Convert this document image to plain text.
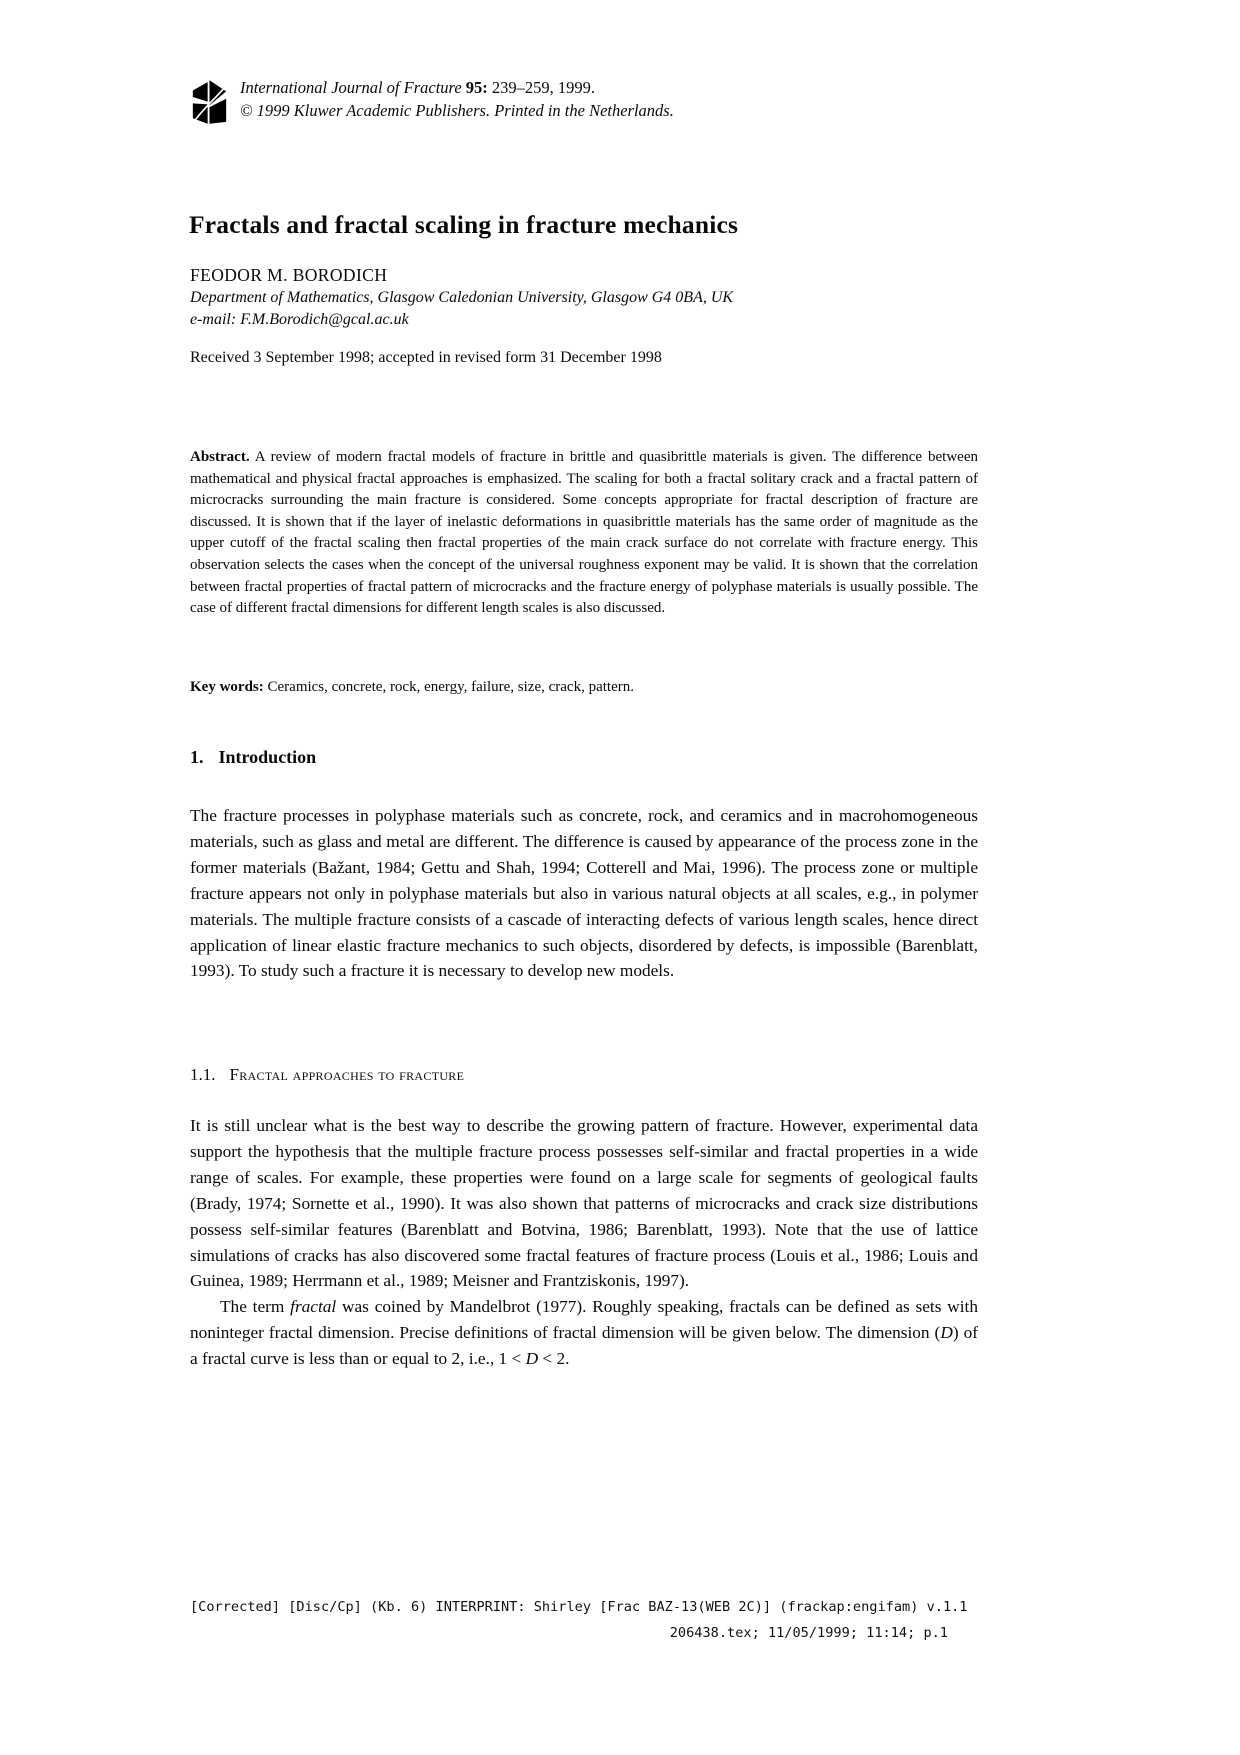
International Journal of Fracture 95: 239–259, 1999.
© 1999 Kluwer Academic Publishers. Printed in the Netherlands.
Fractals and fractal scaling in fracture mechanics
FEODOR M. BORODICH
Department of Mathematics, Glasgow Caledonian University, Glasgow G4 0BA, UK
e-mail: F.M.Borodich@gcal.ac.uk
Received 3 September 1998; accepted in revised form 31 December 1998
Abstract. A review of modern fractal models of fracture in brittle and quasibrittle materials is given. The difference between mathematical and physical fractal approaches is emphasized. The scaling for both a fractal solitary crack and a fractal pattern of microcracks surrounding the main fracture is considered. Some concepts appropriate for fractal description of fracture are discussed. It is shown that if the layer of inelastic deformations in quasibrittle materials has the same order of magnitude as the upper cutoff of the fractal scaling then fractal properties of the main crack surface do not correlate with fracture energy. This observation selects the cases when the concept of the universal roughness exponent may be valid. It is shown that the correlation between fractal properties of fractal pattern of microcracks and the fracture energy of polyphase materials is usually possible. The case of different fractal dimensions for different length scales is also discussed.
Key words: Ceramics, concrete, rock, energy, failure, size, crack, pattern.
1. Introduction

The fracture processes in polyphase materials such as concrete, rock, and ceramics and in macrohomogeneous materials, such as glass and metal are different. The difference is caused by appearance of the process zone in the former materials (Bažant, 1984; Gettu and Shah, 1994; Cotterell and Mai, 1996). The process zone or multiple fracture appears not only in polyphase materials but also in various natural objects at all scales, e.g., in polymer materials. The multiple fracture consists of a cascade of interacting defects of various length scales, hence direct application of linear elastic fracture mechanics to such objects, disordered by defects, is impossible (Barenblatt, 1993). To study such a fracture it is necessary to develop new models.

1.1. Fractal approaches to fracture

It is still unclear what is the best way to describe the growing pattern of fracture. However, experimental data support the hypothesis that the multiple fracture process possesses self-similar and fractal properties in a wide range of scales. For example, these properties were found on a large scale for segments of geological faults (Brady, 1974; Sornette et al., 1990). It was also shown that patterns of microcracks and crack size distributions possess self-similar features (Barenblatt and Botvina, 1986; Barenblatt, 1993). Note that the use of lattice simulations of cracks has also discovered some fractal features of fracture process (Louis et al., 1986; Louis and Guinea, 1989; Herrmann et al., 1989; Meisner and Frantziskonis, 1997).

The term fractal was coined by Mandelbrot (1977). Roughly speaking, fractals can be defined as sets with noninteger fractal dimension. Precise definitions of fractal dimension will be given below. The dimension (D) of a fractal curve is less than or equal to 2, i.e., 1 < D < 2.

[Corrected] [Disc/Cp] (Kb. 6) INTERPRINT: Shirley [Frac BAZ-13(WEB 2C)] (frackap:engifam) v.1.1
206438.tex; 11/05/1999; 11:14; p.1
